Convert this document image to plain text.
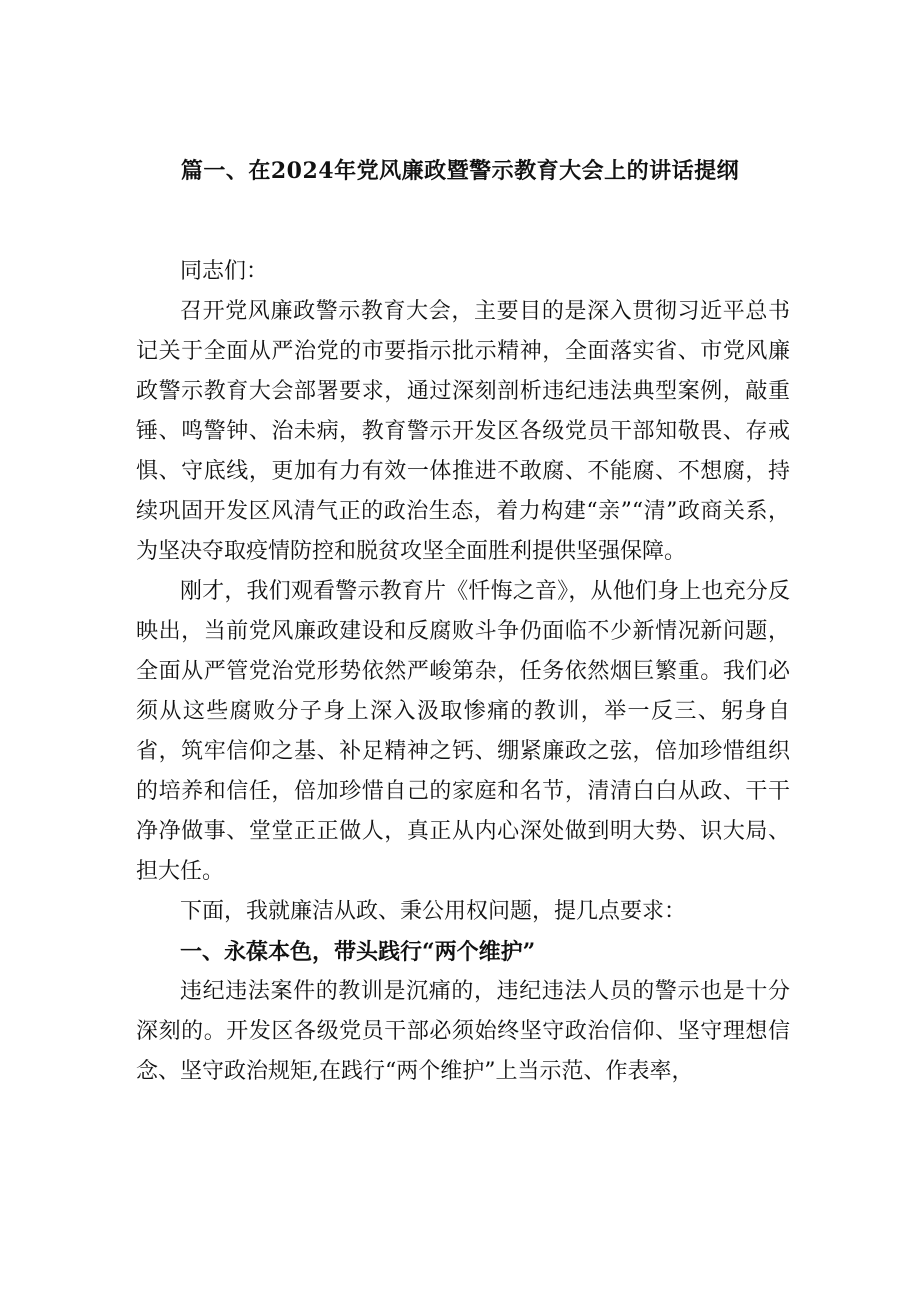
篇一、在2024年党风廉政暨警示教育大会上的讲话提纲

同志们：

召开党风廉政警示教育大会，主要目的是深入贯彻习近平总书记关于全面从严治党的市要指示批示精神，全面落实省、市党风廉政警示教育大会部署要求，通过深刻剖析违纪违法典型案例，敲重锤、鸣警钟、治未病，教育警示开发区各级党员干部知敬畏、存戒惧、守底线，更加有力有效一体推进不敢腐、不能腐、不想腐，持续巩固开发区风清气正的政治生态，着力构建“亲”“清”政商关系，为坚决夺取疫情防控和脱贫攻坚全面胜利提供坚强保障。

刚才，我们观看警示教育片《忏悔之音》，从他们身上也充分反映出，当前党风廉政建设和反腐败斗争仍面临不少新情况新问题，全面从严管党治党形势依然严峻第杂，任务依然烟巨繁重。我们必须从这些腐败分子身上深入汲取惨痛的教训，举一反三、躬身自省，筑牢信仰之基、补足精神之钙、绷紧廉政之弦，倍加珍惜组织的培养和信任，倍加珍惜自己的家庭和名节，清清白白从政、干干净净做事、堂堂正正做人，真正从内心深处做到明大势、识大局、担大任。

下面，我就廉洁从政、秉公用权问题，提几点要求：

一、永葆本色，带头践行“两个维护”

违纪违法案件的教训是沉痛的，违纪违法人员的警示也是十分深刻的。开发区各级党员干部必须始终坚守政治信仰、坚守理想信念、坚守政治规矩,在践行“两个维护”上当示范、作表率，
